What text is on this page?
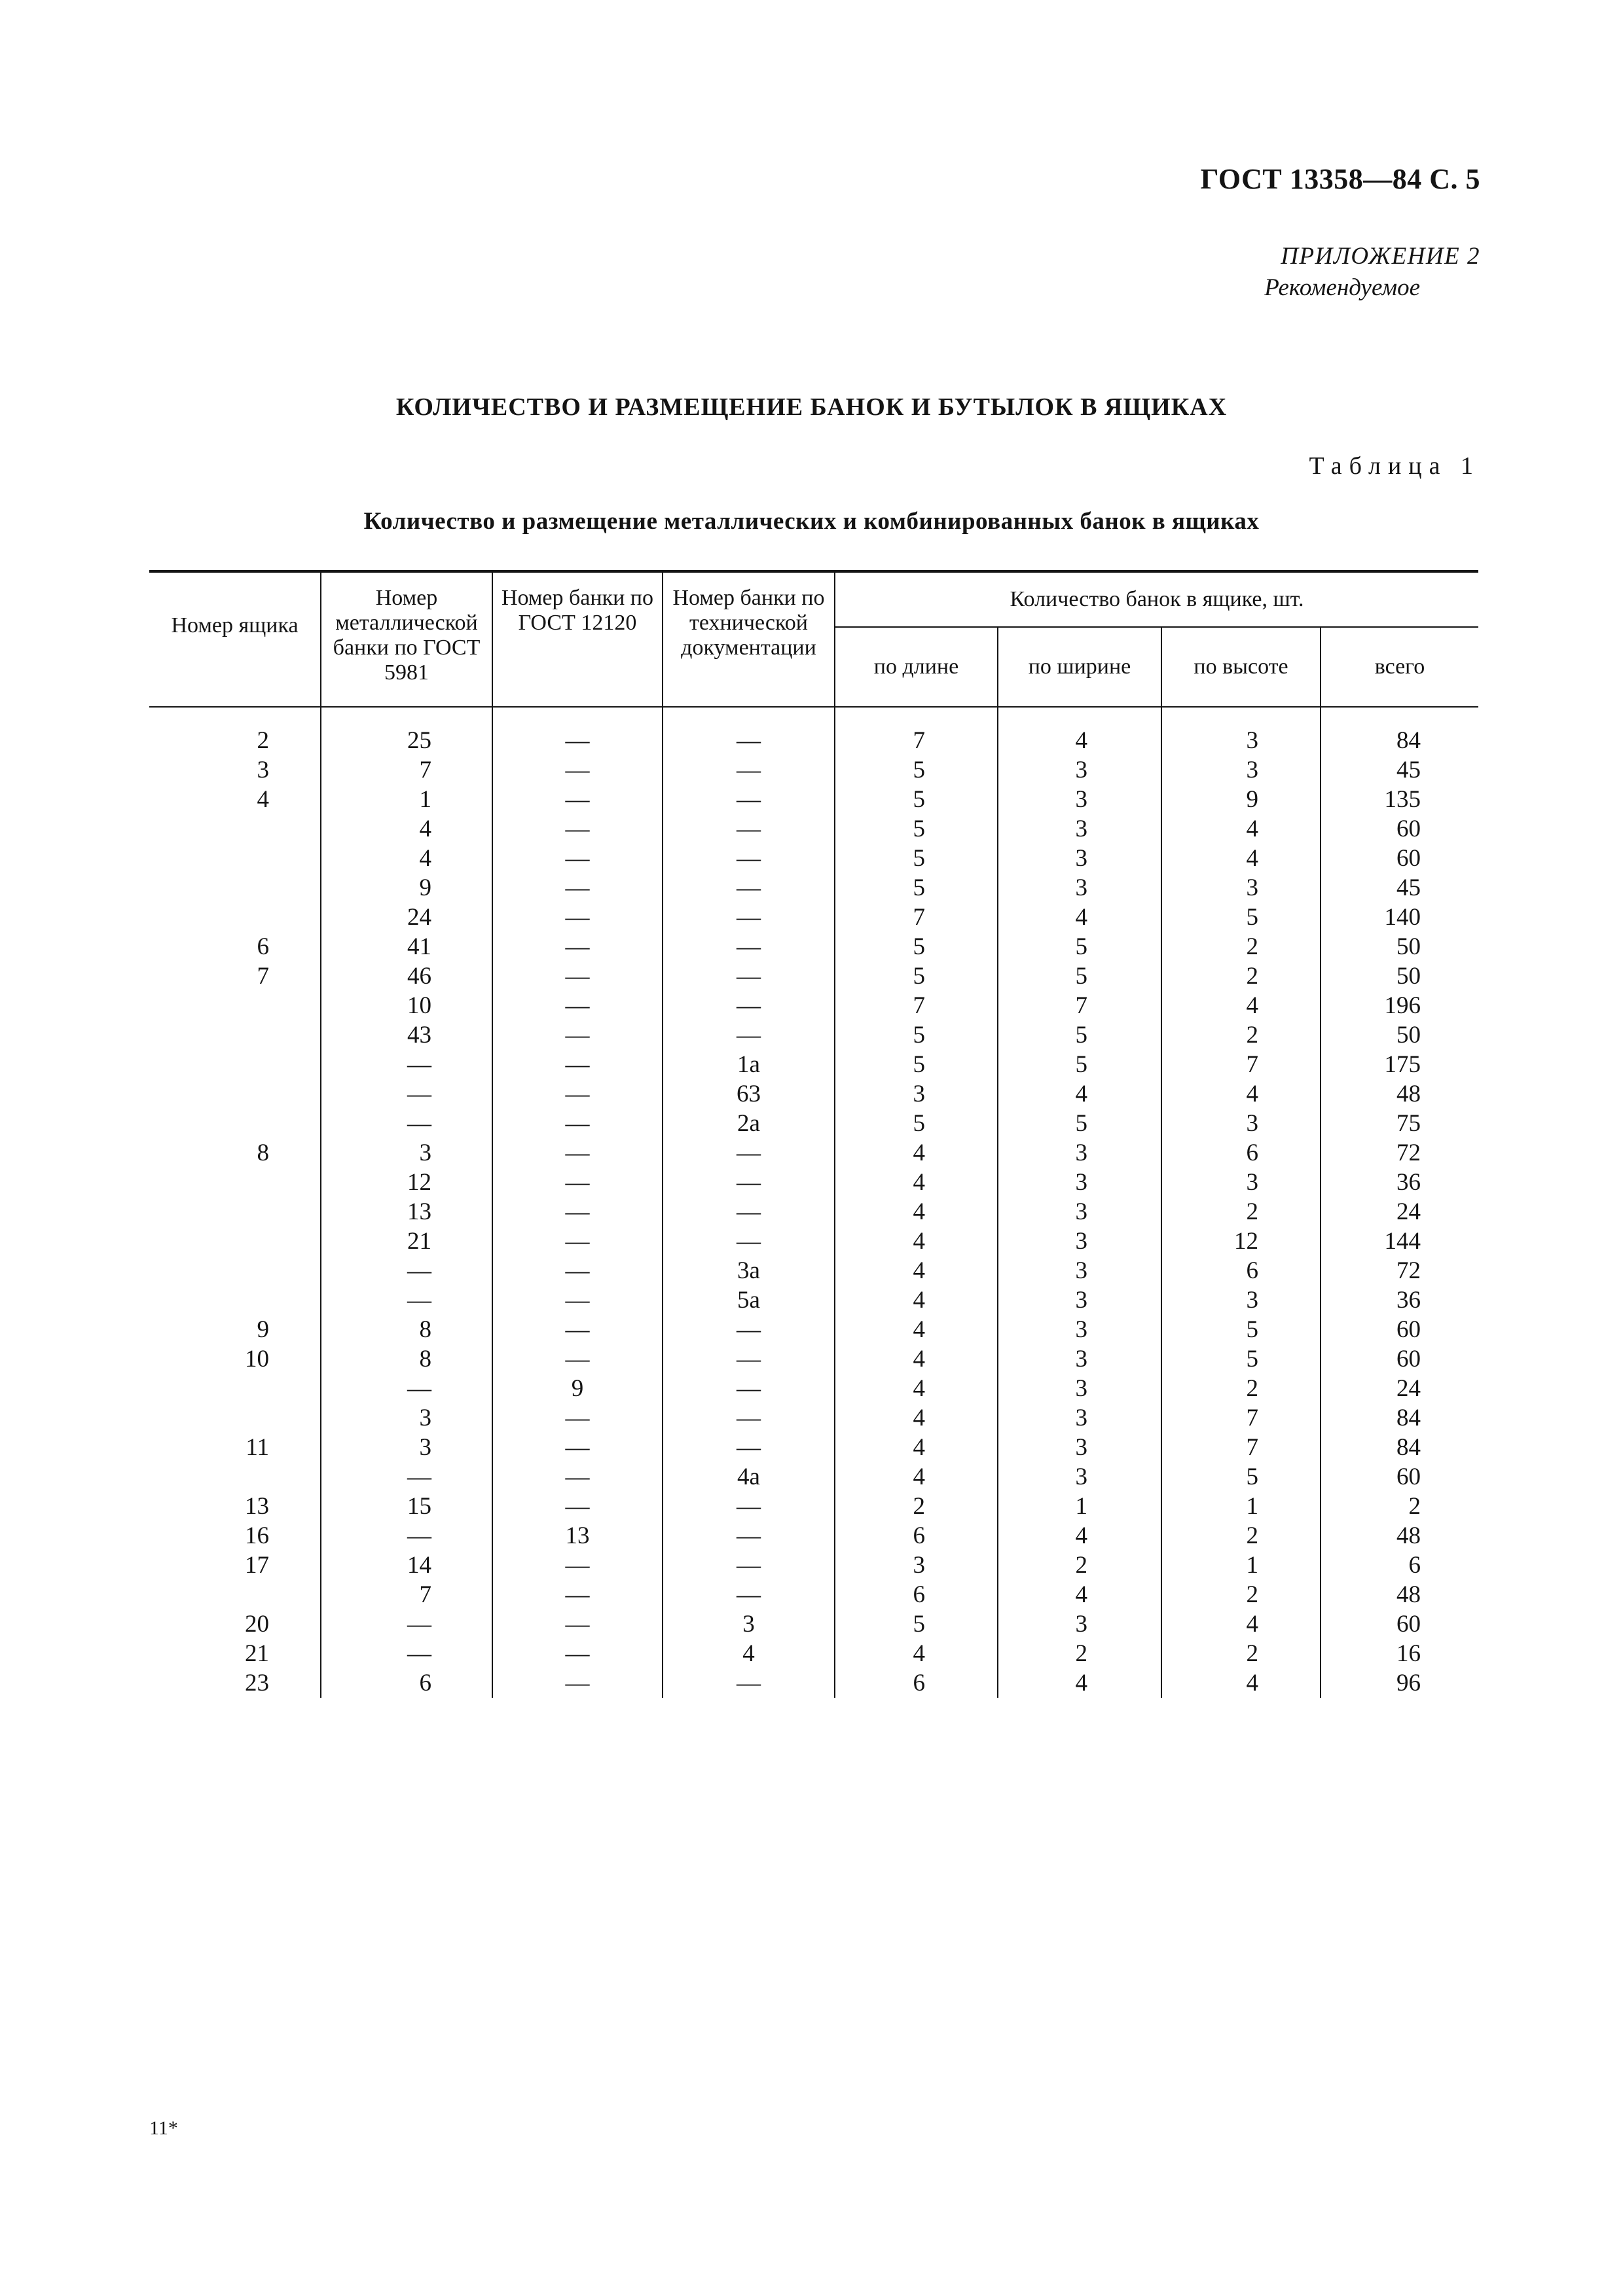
ГОСТ 13358—84 С. 5
ПРИЛОЖЕНИЕ 2
Рекомендуемое
КОЛИЧЕСТВО И РАЗМЕЩЕНИЕ БАНОК И БУТЫЛОК В ЯЩИКАХ
Таблица 1
Количество и размещение металлических и комбинированных банок в ящиках
Номер ящика	Номер металлической банки по ГОСТ 5981	Номер банки по ГОСТ 12120	Номер банки по технической документации	Количество банок в ящике, шт.			
				по длине	по ширине	по высоте	всего

2	25	—	—	7	4	3	84
3	7	—	—	5	3	3	45
4	1	—	—	5	3	9	135
	4	—	—	5	3	4	60
	4	—	—	5	3	4	60
	9	—	—	5	3	3	45
	24	—	—	7	4	5	140
6	41	—	—	5	5	2	50
7	46	—	—	5	5	2	50
	10	—	—	7	7	4	196
	43	—	—	5	5	2	50
	—	—	1а	5	5	7	175
	—	—	63	3	4	4	48
	—	—	2а	5	5	3	75
8	3	—	—	4	3	6	72
	12	—	—	4	3	3	36
	13	—	—	4	3	2	24
	21	—	—	4	3	12	144
	—	—	3а	4	3	6	72
	—	—	5а	4	3	3	36
9	8	—	—	4	3	5	60
10	8	—	—	4	3	5	60
	—	9	—	4	3	2	24
	3	—	—	4	3	7	84
11	3	—	—	4	3	7	84
	—	—	4а	4	3	5	60
13	15	—	—	2	1	1	2
16	—	13	—	6	4	2	48
17	14	—	—	3	2	1	6
	7	—	—	6	4	2	48
20	—	—	3	5	3	4	60
21	—	—	4	4	2	2	16
23	6	—	—	6	4	4	96
11*
